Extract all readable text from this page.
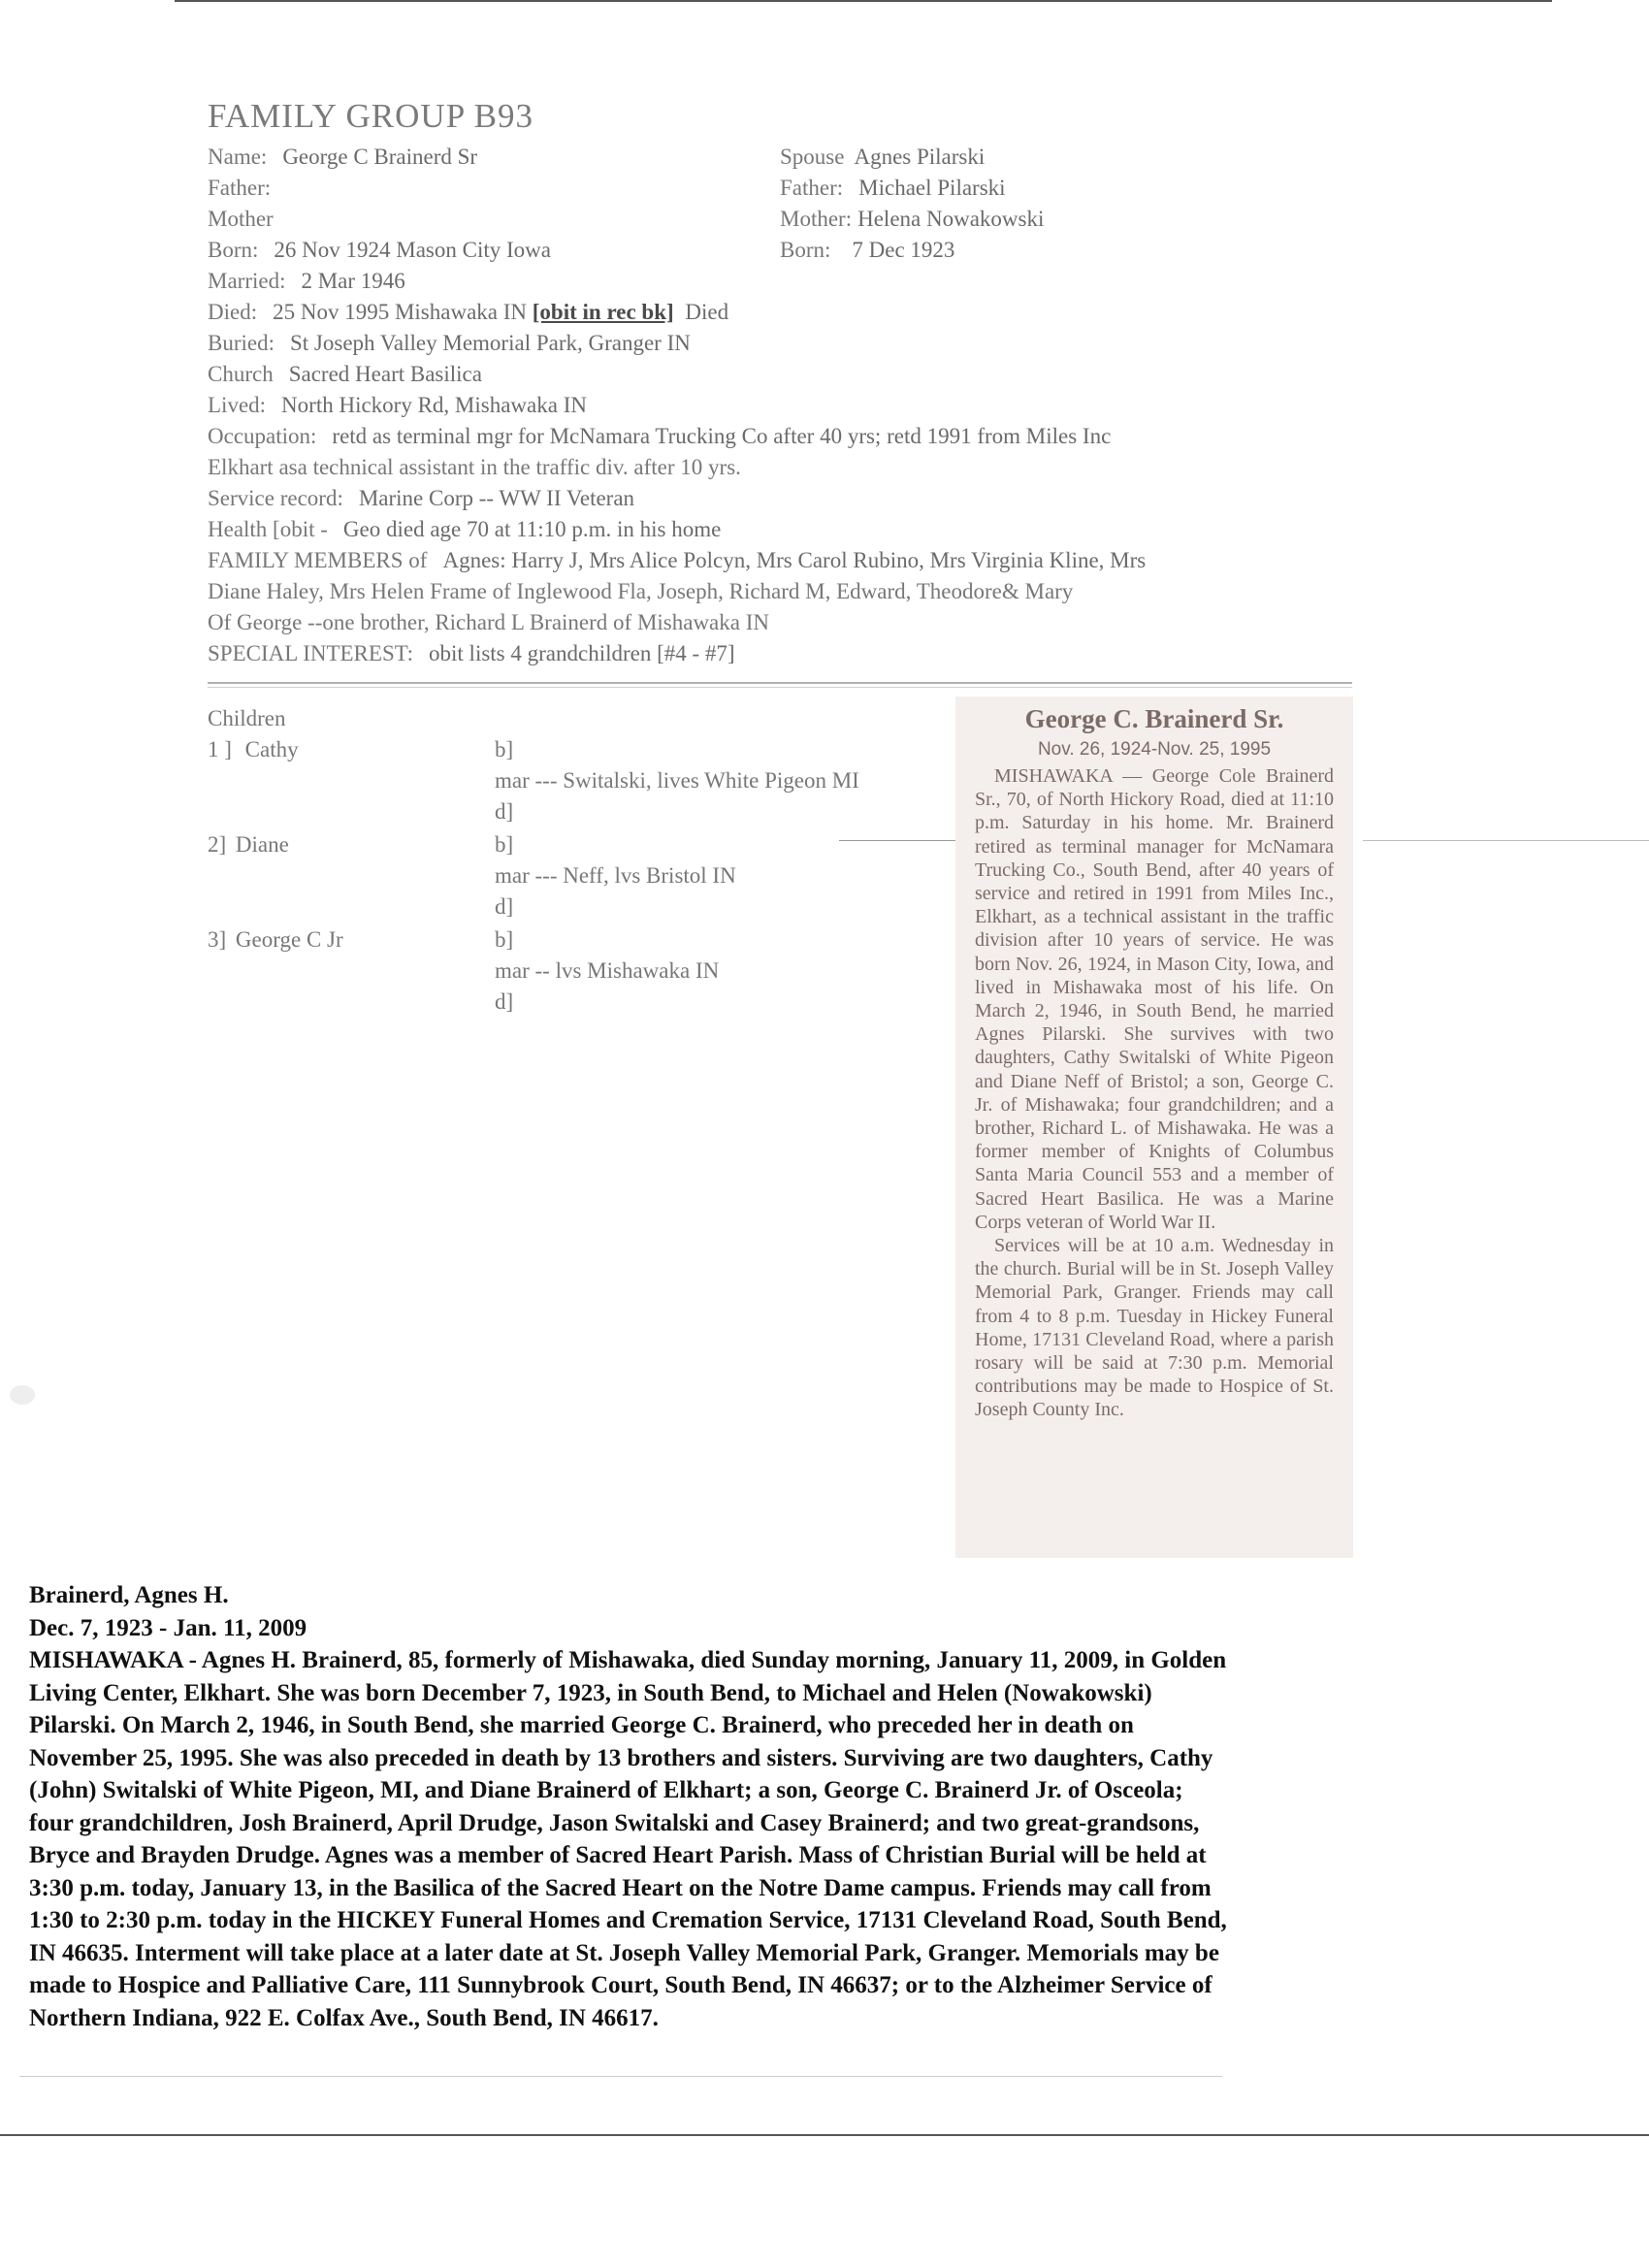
FAMILY GROUP B93
Name: George C Brainerd Sr
Father:
Mother
Born: 26 Nov 1924 Mason City Iowa
Married: 2 Mar 1946
Died: 25 Nov 1995 Mishawaka IN [obit in rec bk] Died
Buried: St Joseph Valley Memorial Park, Granger IN
Church Sacred Heart Basilica
Lived: North Hickory Rd, Mishawaka IN
Occupation: retd as terminal mgr for McNamara Trucking Co after 40 yrs; retd 1991 from Miles Inc
Elkhart asa technical assistant in the traffic div. after 10 yrs.
Service record: Marine Corp -- WW II Veteran
Health [obit - Geo died age 70 at 11:10 p.m. in his home
FAMILY MEMBERS of Agnes: Harry J, Mrs Alice Polcyn, Mrs Carol Rubino, Mrs Virginia Kline, Mrs
Diane Haley, Mrs Helen Frame of Inglewood Fla, Joseph, Richard M, Edward, Theodore& Mary
Of George --one brother, Richard L Brainerd of Mishawaka IN
SPECIAL INTEREST: obit lists 4 grandchildren [#4 - #7]
Spouse Agnes Pilarski
Father: Michael Pilarski
Mother: Helena Nowakowski
Born: 7 Dec 1923
Children
1 ] Cathy	b]
mar --- Switalski, lives White Pigeon MI
d]
2] Diane	b]
mar --- Neff, lvs Bristol IN
d]
3] George C Jr	b]
mar -- lvs Mishawaka IN
d]
George C. Brainerd Sr.
Nov. 26, 1924-Nov. 25, 1995
MISHAWAKA — George Cole Brainerd Sr., 70, of North Hickory Road, died at 11:10 p.m. Saturday in his home. Mr. Brainerd retired as terminal manager for McNamara Trucking Co., South Bend, after 40 years of service and retired in 1991 from Miles Inc., Elkhart, as a technical assistant in the traffic division after 10 years of service. He was born Nov. 26, 1924, in Mason City, Iowa, and lived in Mishawaka most of his life. On March 2, 1946, in South Bend, he married Agnes Pilarski. She survives with two daughters, Cathy Switalski of White Pigeon and Diane Neff of Bristol; a son, George C. Jr. of Mishawaka; four grandchildren; and a brother, Richard L. of Mishawaka. He was a former member of Knights of Columbus Santa Maria Council 553 and a member of Sacred Heart Basilica. He was a Marine Corps veteran of World War II.
Services will be at 10 a.m. Wednesday in the church. Burial will be in St. Joseph Valley Memorial Park, Granger. Friends may call from 4 to 8 p.m. Tuesday in Hickey Funeral Home, 17131 Cleveland Road, where a parish rosary will be said at 7:30 p.m. Memorial contributions may be made to Hospice of St. Joseph County Inc.
Brainerd, Agnes H.
Dec. 7, 1923 - Jan. 11, 2009
MISHAWAKA - Agnes H. Brainerd, 85, formerly of Mishawaka, died Sunday morning, January 11, 2009, in Golden Living Center, Elkhart. She was born December 7, 1923, in South Bend, to Michael and Helen (Nowakowski) Pilarski. On March 2, 1946, in South Bend, she married George C. Brainerd, who preceded her in death on November 25, 1995. She was also preceded in death by 13 brothers and sisters. Surviving are two daughters, Cathy (John) Switalski of White Pigeon, MI, and Diane Brainerd of Elkhart; a son, George C. Brainerd Jr. of Osceola; four grandchildren, Josh Brainerd, April Drudge, Jason Switalski and Casey Brainerd; and two great-grandsons, Bryce and Brayden Drudge. Agnes was a member of Sacred Heart Parish. Mass of Christian Burial will be held at 3:30 p.m. today, January 13, in the Basilica of the Sacred Heart on the Notre Dame campus. Friends may call from 1:30 to 2:30 p.m. today in the HICKEY Funeral Homes and Cremation Service, 17131 Cleveland Road, South Bend, IN 46635. Interment will take place at a later date at St. Joseph Valley Memorial Park, Granger. Memorials may be made to Hospice and Palliative Care, 111 Sunnybrook Court, South Bend, IN 46637; or to the Alzheimer Service of Northern Indiana, 922 E. Colfax Ave., South Bend, IN 46617.
